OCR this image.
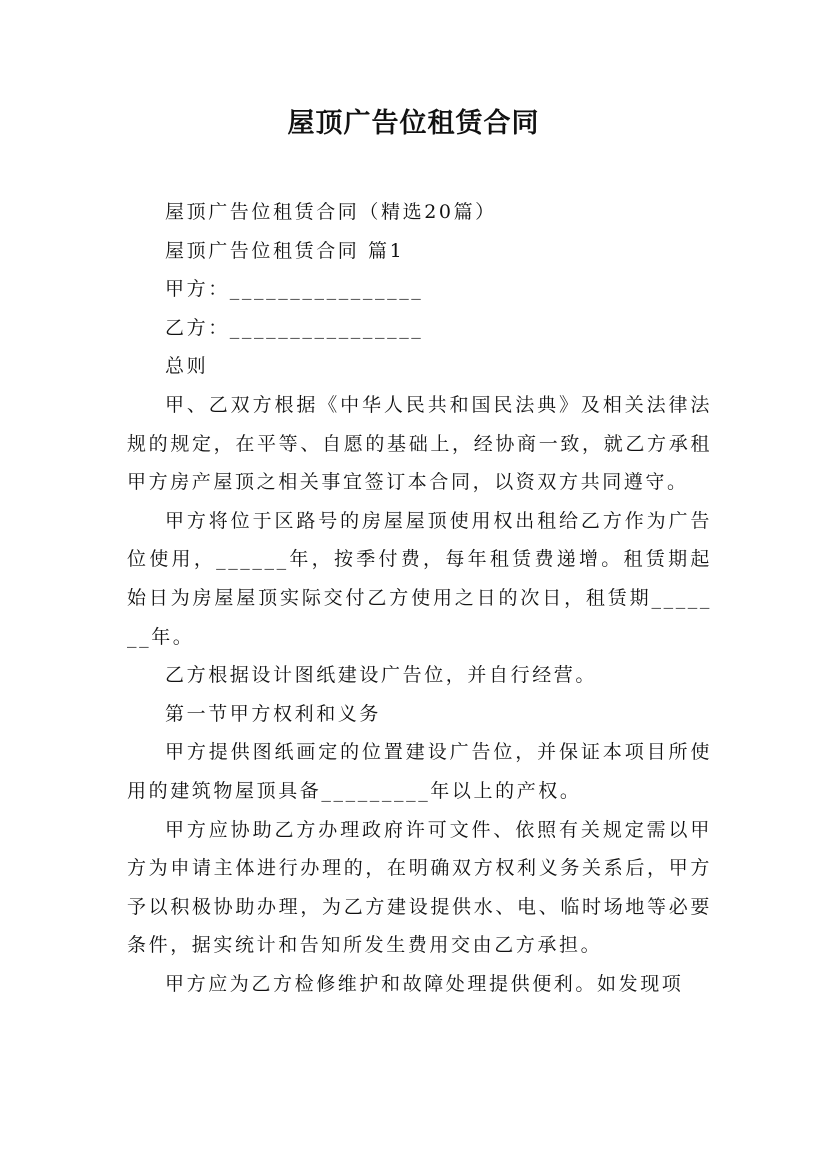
屋顶广告位租赁合同

屋顶广告位租赁合同（精选20篇）

屋顶广告位租赁合同 篇1

甲方：________________

乙方：________________

总则

甲、乙双方根据《中华人民共和国民法典》及相关法律法规的规定，在平等、自愿的基础上，经协商一致，就乙方承租甲方房产屋顶之相关事宜签订本合同，以资双方共同遵守。

甲方将位于区路号的房屋屋顶使用权出租给乙方作为广告位使用，______年，按季付费，每年租赁费递增。租赁期起始日为房屋屋顶实际交付乙方使用之日的次日，租赁期_______年。

乙方根据设计图纸建设广告位，并自行经营。

第一节甲方权利和义务

甲方提供图纸画定的位置建设广告位，并保证本项目所使用的建筑物屋顶具备_________年以上的产权。

甲方应协助乙方办理政府许可文件、依照有关规定需以甲方为申请主体进行办理的，在明确双方权利义务关系后，甲方予以积极协助办理，为乙方建设提供水、电、临时场地等必要条件，据实统计和告知所发生费用交由乙方承担。

甲方应为乙方检修维护和故障处理提供便利。如发现项
